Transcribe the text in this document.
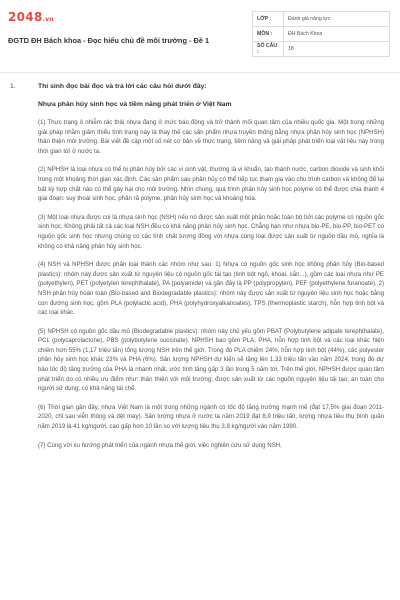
2048.vn
ĐGTD ĐH Bách khoa - Đọc hiểu chủ đề môi trường - Đề 1
LỚP :	Đánh giá năng lực
MÔN :	ĐH Bách Khoa
SỐ CÂU :	18
1.	Thí sinh đọc bài đọc và trả lời các câu hỏi dưới đây:
Nhựa phân hủy sinh học và tiềm năng phát triển ở Việt Nam

(1) Thực trạng ô nhiễm rác thải nhựa đang ở mức báo động và trở thành mối quan tâm của nhiều quốc gia. Một trong những giải pháp nhằm giảm thiểu tình trạng này là thay thế các sản phẩm nhựa truyền thống bằng nhựa phân hủy sinh học (NPHSH) thân thiện môi trường. Bài viết đề cập một số nét cơ bản về thực trạng, tiềm năng và giải pháp phát triển loại vật liệu này trong thời gian tới ở nước ta.

(2) NPHSH là loại nhựa có thể bị phân hủy bởi các vi sinh vật, thường là vi khuẩn, tạo thành nước, carbon dioxide và sinh khối trong một khoảng thời gian xác định. Các sản phẩm sau phân hủy có thể tiếp tục tham gia vào chu trình carbon và không để lại bất kỳ hợp chất nào có thể gây hại cho môi trường. Nhìn chung, quá trình phân hủy sinh học polyme có thể được chia thành 4 giai đoạn: suy thoái sinh học, phân rã polyme, phân hủy sinh học và khoáng hóa.

(3) Một loại nhựa được coi là nhựa sinh học (NSH) nếu nó được sản xuất một phần hoặc toàn bộ bởi các polyme có nguồn gốc sinh học. Không phải tất cả các loại NSH đều có khả năng phân hủy sinh học. Chẳng hạn như nhựa bio-PE, bio-PP, bio-PET có nguồn gốc sinh học nhưng chúng có các tính chất tương đồng với nhựa cùng loại được sản xuất từ nguồn dầu mỏ, nghĩa là không có khả năng phân hủy sinh học.

(4) NSH và NPHSH được phân loại thành các nhóm như sau: 1) Nhựa có nguồn gốc sinh học không phân hủy (Bio-based plastics): nhóm này được sản xuất từ nguyên liệu có nguồn gốc tái tạo (tinh bột ngô, khoai, sắn...), gồm các loại nhựa như PE (polyethylen), PET (polyetylen terephthalate), PA (polyamide) và gần đây là PP (polypropylen), PEF (polyethylene furanoate). 2) NSH phân hủy hoàn toàn (Bio-based and Biodegradable plastics): nhóm này được sản xuất từ nguyên liệu sinh học hoặc bằng con đường sinh học, gồm PLA (polylactic acid), PHA (polyhydroxyalkanoates), TPS (thermoplastic starch), hỗn hợp tinh bột và các loại khác.

(5) NPHSH có nguồn gốc dầu mỏ (Biodegradable plastics): nhóm này chủ yếu gồm PBAT (Polybutylene adipate terephthalate), PCL (polycaprolactone), PBS (polybutylene succinate). NPHSH bao gồm PLA, PHA, hỗn hợp tinh bột và các loại khác hiện chiếm hơn 55% (1,17 triệu tấn) tổng lượng NSH trên thế giới. Trong đó PLA chiếm 24%, hỗn hợp tinh bột (44%), các polyester phân hủy sinh học khác 23% và PHA (6%). Sản lượng NPHSH dự kiến sẽ tăng lên 1,33 triệu tấn vào năm 2024, trong đó dự báo tốc độ tăng trưởng của PHA là nhanh nhất, ước tính tăng gấp 3 lần trong 5 năm tới. Trên thế giới, NPHSH được quan tâm phát triển do có nhiều ưu điểm như: thân thiện với môi trường; được sản xuất từ các nguồn nguyên liệu tái tạo; an toàn cho người sử dụng; có khả năng tái chế.

(6) Thời gian gần đây, nhựa Việt Nam là một trong những ngành có tốc độ tăng trưởng mạnh mẽ (đạt 17,5% giai đoạn 2011-2020, chỉ sau viễn thông và dệt may). Sản lượng nhựa ở nước ta năm 2019 đạt 8,9 triệu tấn, lượng nhựa tiêu thụ bình quân năm 2019 là 41 kg/người, cao gấp hơn 10 lần so với lượng tiêu thụ 3,8 kg/người vào năm 1990.

(7) Cùng với xu hướng phát triển của ngành nhựa thế giới, việc nghiên cứu sử dụng NSH,
